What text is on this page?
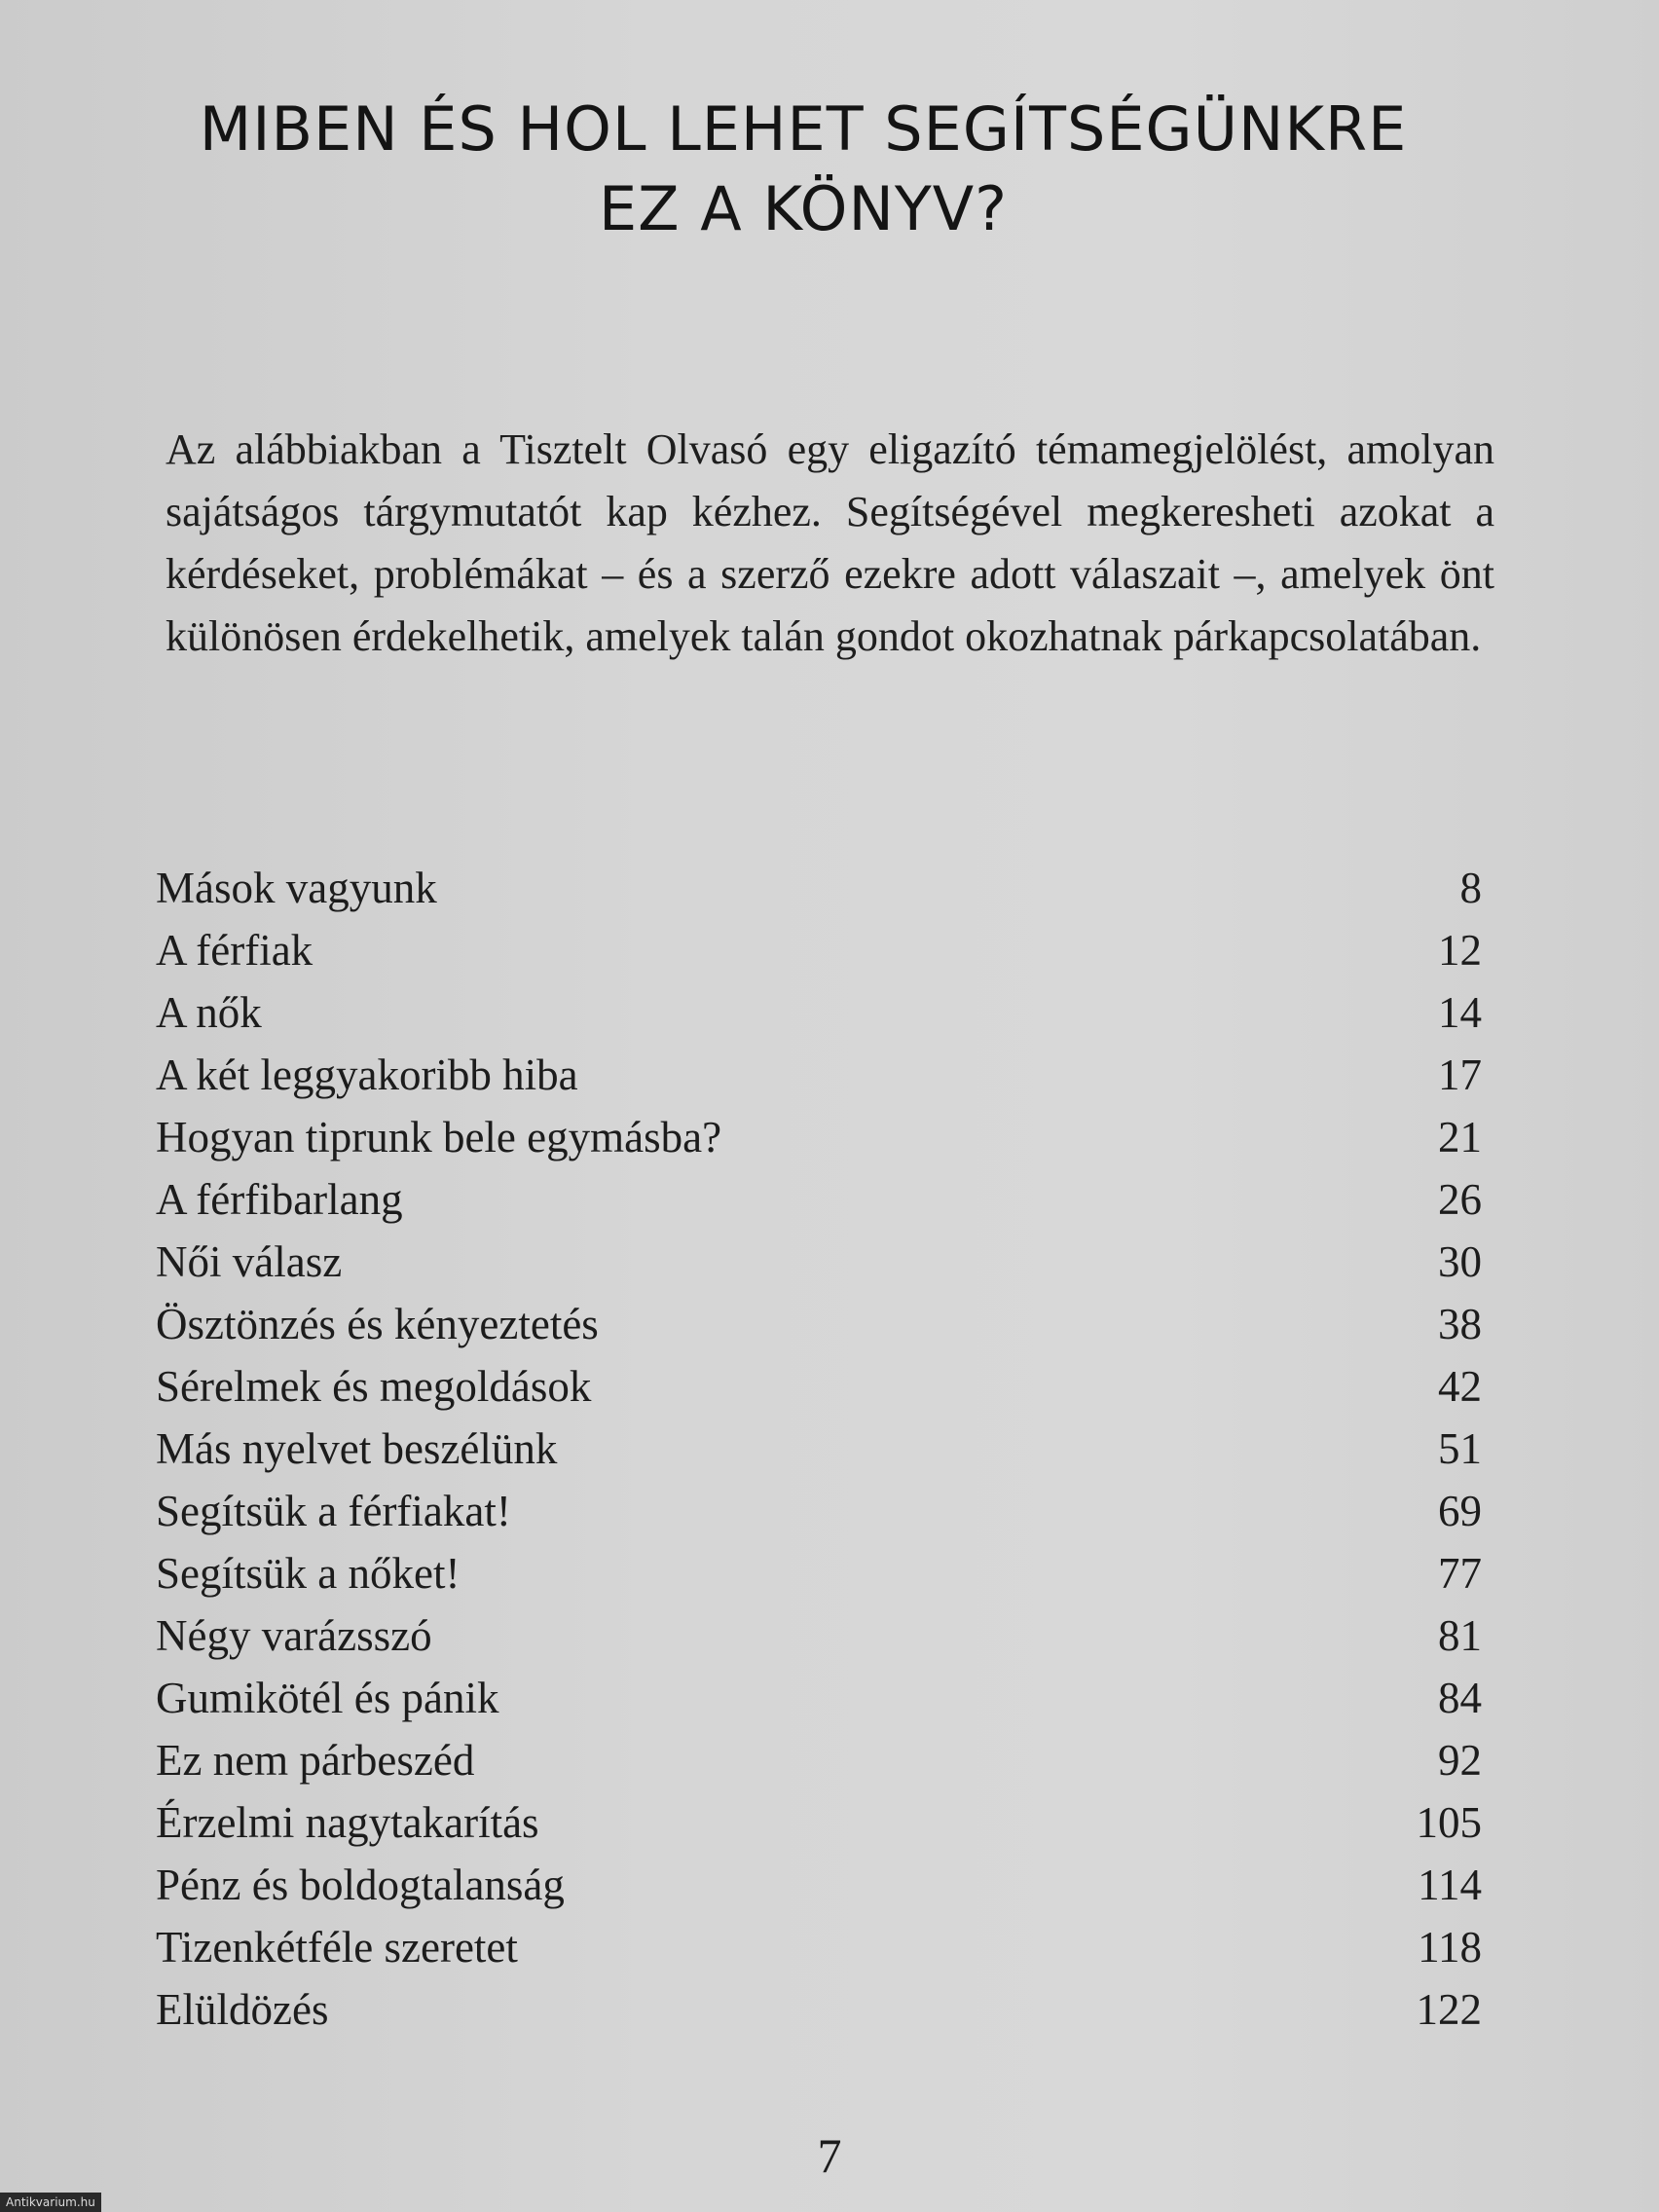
MIBEN ÉS HOL LEHET SEGÍTSÉGÜNKRE
EZ A KÖNYV?

Az alábbiakban a Tisztelt Olvasó egy eligazító témamegjelölést, amolyan sajátságos tárgymutatót kap kézhez. Segítségével megkeresheti azokat a kérdéseket, problémákat – és a szerző ezekre adott válaszait –, amelyek önt különösen érdekelhetik, amelyek talán gondot okozhatnak párkapcsolatában.

Mások vagyunk	8
A férfiak	12
A nők	14
A két leggyakoribb hiba	17
Hogyan tiprunk bele egymásba?	21
A férfibarlang	26
Női válasz	30
Ösztönzés és kényeztetés	38
Sérelmek és megoldások	42
Más nyelvet beszélünk	51
Segítsük a férfiakat!	69
Segítsük a nőket!	77
Négy varázsszó	81
Gumikötél és pánik	84
Ez nem párbeszéd	92
Érzelmi nagytakarítás	105
Pénz és boldogtalanság	114
Tizenkétféle szeretet	118
Elüldözés	122
7
Antikvarium.hu
